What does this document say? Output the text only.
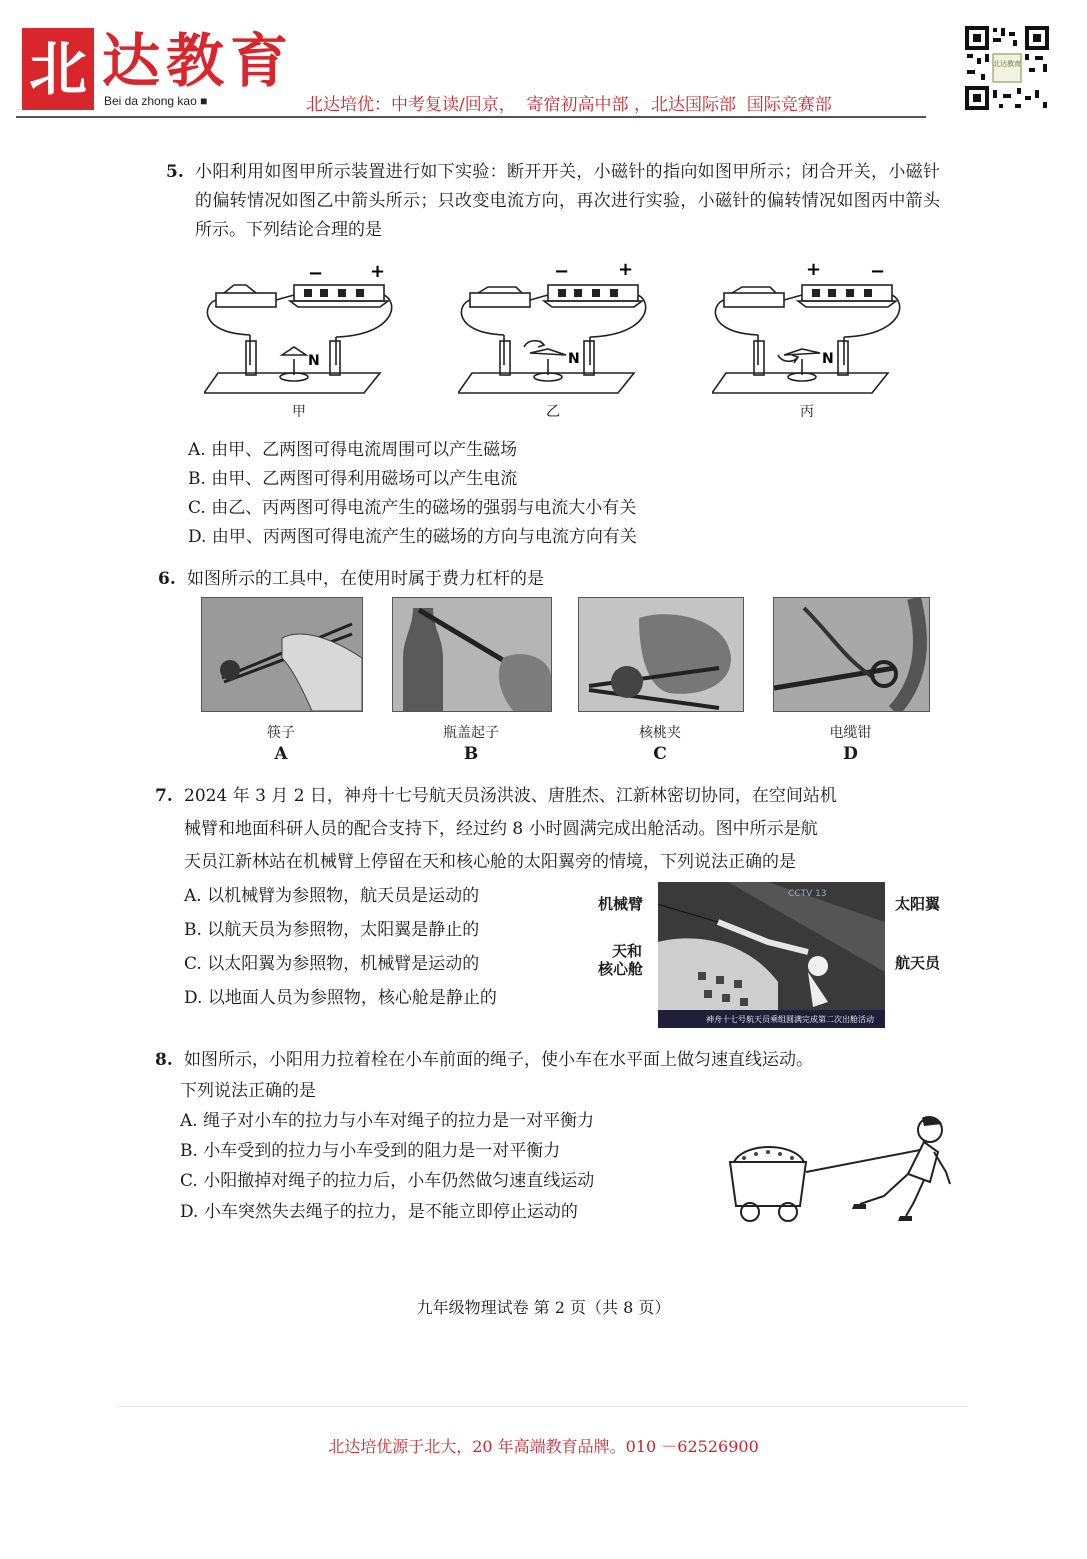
北 达教育
Bei da zhong kao ■	北达培优：中考复读/回京，  寄宿初高中部 ，北达国际部  国际竞赛部
北达教育
5. 小阳利用如图甲所示装置进行如下实验：断开开关，小磁针的指向如图甲所示；闭合开关，小磁针的偏转情况如图乙中箭头所示；只改变电流方向，再次进行实验，小磁针的偏转情况如图丙中箭头所示。下列结论合理的是
−	+
N
甲
−	+
N
乙
+	−
N
丙
A. 由甲、乙两图可得电流周围可以产生磁场
B. 由甲、乙两图可得利用磁场可以产生电流
C. 由乙、丙两图可得电流产生的磁场的强弱与电流大小有关
D. 由甲、丙两图可得电流产生的磁场的方向与电流方向有关
6. 如图所示的工具中，在使用时属于费力杠杆的是
筷子
A
瓶盖起子
B
核桃夹
C
电缆钳
D
7. 2024 年 3 月 2 日，神舟十七号航天员汤洪波、唐胜杰、江新林密切协同，在空间站机
械臂和地面科研人员的配合支持下，经过约 8 小时圆满完成出舱活动。图中所示是航
天员江新林站在机械臂上停留在天和核心舱的太阳翼旁的情境，下列说法正确的是
A. 以机械臂为参照物，航天员是运动的
B. 以航天员为参照物，太阳翼是静止的
C. 以太阳翼为参照物，机械臂是运动的
D. 以地面人员为参照物，核心舱是静止的
CCTV 13
神舟十七号航天员乘组圆满完成第二次出舱活动
机械臂	太阳翼
天和
核心舱	航天员
8. 如图所示，小阳用力拉着栓在小车前面的绳子，使小车在水平面上做匀速直线运动。
下列说法正确的是
A. 绳子对小车的拉力与小车对绳子的拉力是一对平衡力
B. 小车受到的拉力与小车受到的阻力是一对平衡力
C. 小阳撤掉对绳子的拉力后，小车仍然做匀速直线运动
D. 小车突然失去绳子的拉力，是不能立即停止运动的
九年级物理试卷 第 2 页（共 8 页）
北达培优源于北大，20 年高端教育品牌。010 －62526900
